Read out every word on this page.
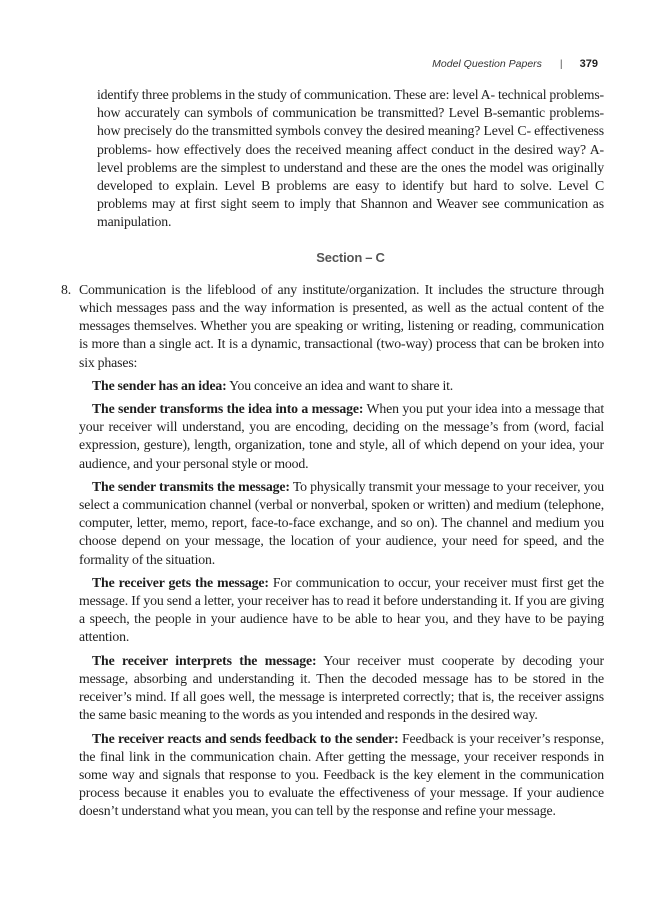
Model Question Papers | 379

identify three problems in the study of communication. These are: level A- technical problems- how accurately can symbols of communication be transmitted? Level B-semantic problems- how precisely do the transmitted symbols convey the desired meaning? Level C- effectiveness problems- how effectively does the received meaning affect conduct in the desired way? A-level problems are the simplest to understand and these are the ones the model was originally developed to explain. Level B problems are easy to identify but hard to solve. Level C problems may at first sight seem to imply that Shannon and Weaver see communication as manipulation.

Section – C
8. Communication is the lifeblood of any institute/organization. It includes the structure through which messages pass and the way information is presented, as well as the actual content of the messages themselves. Whether you are speaking or writing, listening or reading, communication is more than a single act. It is a dynamic, transactional (two-way) process that can be broken into six phases:

The sender has an idea: You conceive an idea and want to share it.

The sender transforms the idea into a message: When you put your idea into a message that your receiver will understand, you are encoding, deciding on the message’s from (word, facial expression, gesture), length, organization, tone and style, all of which depend on your idea, your audience, and your personal style or mood.

The sender transmits the message: To physically transmit your message to your receiver, you select a communication channel (verbal or nonverbal, spoken or written) and medium (telephone, computer, letter, memo, report, face-to-face exchange, and so on). The channel and medium you choose depend on your message, the location of your audience, your need for speed, and the formality of the situation.

The receiver gets the message: For communication to occur, your receiver must first get the message. If you send a letter, your receiver has to read it before understanding it. If you are giving a speech, the people in your audience have to be able to hear you, and they have to be paying attention.

The receiver interprets the message: Your receiver must cooperate by decoding your message, absorbing and understanding it. Then the decoded message has to be stored in the receiver’s mind. If all goes well, the message is interpreted correctly; that is, the receiver assigns the same basic meaning to the words as you intended and responds in the desired way.

The receiver reacts and sends feedback to the sender: Feedback is your receiver’s response, the final link in the communication chain. After getting the message, your receiver responds in some way and signals that response to you. Feedback is the key element in the communication process because it enables you to evaluate the effectiveness of your message. If your audience doesn’t understand what you mean, you can tell by the response and refine your message.
